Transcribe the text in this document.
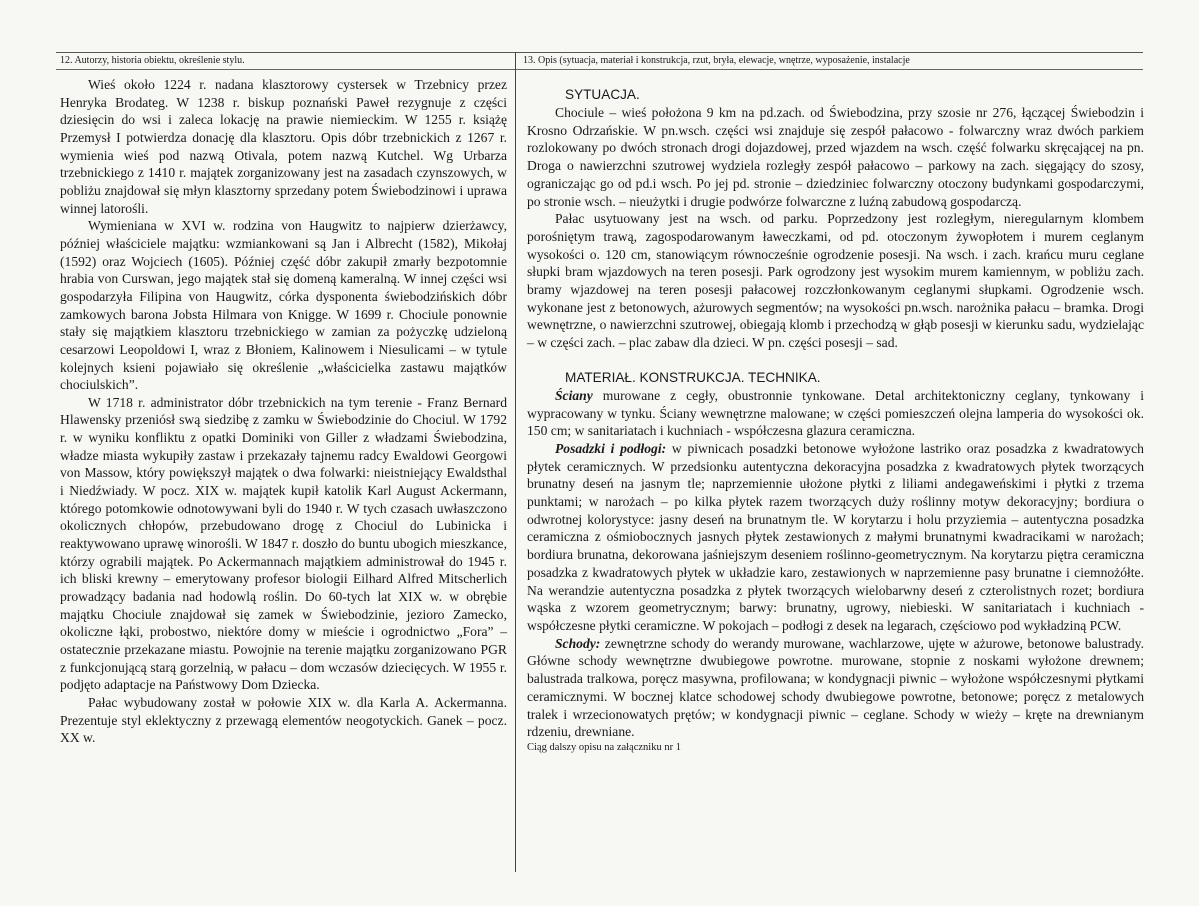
12. Autorzy, historia obiektu, określenie stylu.	13. Opis (sytuacja, materiał i konstrukcja, rzut, bryła, elewacje, wnętrze, wyposażenie, instalacje

Wieś około 1224 r. nadana klasztorowy cystersek w Trzebnicy przez Henryka Brodateg. W 1238 r. biskup poznański Paweł rezygnuje z części dziesięcin do wsi i zaleca lokację na prawie niemieckim. W 1255 r. książę Przemysł I potwierdza donację dla klasztoru. Opis dóbr trzebnickich z 1267 r. wymienia wieś pod nazwą Otivala, potem nazwą Kutchel. Wg Urbarza trzebnickiego z 1410 r. majątek zorganizowany jest na zasadach czynszowych, w pobliżu znajdował się młyn klasztorny sprzedany potem Świebodzinowi i uprawa winnej latorośli.

Wymieniana w XVI w. rodzina von Haugwitz to najpierw dzierżawcy, później właściciele majątku: wzmiankowani są Jan i Albrecht (1582), Mikołaj (1592) oraz Wojciech (1605). Później część dóbr zakupił zmarły bezpotomnie hrabia von Curswan, jego majątek stał się domeną kameralną. W innej części wsi gospodarzyła Filipina von Haugwitz, córka dysponenta świebodzińskich dóbr zamkowych barona Jobsta Hilmara von Knigge. W 1699 r. Chociule ponownie stały się majątkiem klasztoru trzebnickiego w zamian za pożyczkę udzieloną cesarzowi Leopoldowi I, wraz z Błoniem, Kalinowem i Niesulicami – w tytule kolejnych ksieni pojawiało się określenie „właścicielka zastawu majątków chociulskich”.

W 1718 r. administrator dóbr trzebnickich na tym terenie - Franz Bernard Hlawensky przeniósł swą siedzibę z zamku w Świebodzinie do Chociul. W 1792 r. w wyniku konfliktu z opatki Dominiki von Giller z władzami Świebodzina, władze miasta wykupiły zastaw i przekazały tajnemu radcy Ewaldowi Georgowi von Massow, który powiększył majątek o dwa folwarki: nieistniejący Ewaldsthal i Niedźwiady. W pocz. XIX w. majątek kupił katolik Karl August Ackermann, którego potomkowie odnotowywani byli do 1940 r. W tych czasach uwłaszczono okolicznych chłopów, przebudowano drogę z Chociul do Lubinicka i reaktywowano uprawę winorośli. W 1847 r. doszło do buntu ubogich mieszkance, którzy ograbili majątek. Po Ackermannach majątkiem administrował do 1945 r. ich bliski krewny – emerytowany profesor biologii Eilhard Alfred Mitscherlich prowadzący badania nad hodowlą roślin. Do 60-tych lat XIX w. w obrębie majątku Chociule znajdował się zamek w Świebodzinie, jezioro Zamecko, okoliczne łąki, probostwo, niektóre domy w mieście i ogrodnictwo „Fora” – ostatecznie przekazane miastu. Powojnie na terenie majątku zorganizowano PGR z funkcjonującą starą gorzelnią, w pałacu – dom wczasów dziecięcych. W 1955 r. podjęto adaptacje na Państwowy Dom Dziecka.

Pałac wybudowany został w połowie XIX w. dla Karla A. Ackermanna. Prezentuje styl eklektyczny z przewagą elementów neogotyckich. Ganek – pocz. XX w.

SYTUACJA.

Chociule – wieś położona 9 km na pd.zach. od Świebodzina, przy szosie nr 276, łączącej Świebodzin i Krosno Odrzańskie. W pn.wsch. części wsi znajduje się zespół pałacowo - folwarczny wraz dwóch parkiem rozlokowany po dwóch stronach drogi dojazdowej, przed wjazdem na wsch. część folwarku skręcającej na pn. Droga o nawierzchni szutrowej wydziela rozległy zespół pałacowo – parkowy na zach. sięgający do szosy, ograniczając go od pd.i wsch. Po jej pd. stronie – dziedziniec folwarczny otoczony budynkami gospodarczymi, po stronie wsch. – nieużytki i drugie podwórze folwarczne z luźną zabudową gospodarczą.

Pałac usytuowany jest na wsch. od parku. Poprzedzony jest rozległym, nieregularnym klombem porośniętym trawą, zagospodarowanym ławeczkami, od pd. otoczonym żywopłotem i murem ceglanym wysokości o. 120 cm, stanowiącym równocześnie ogrodzenie posesji. Na wsch. i zach. krańcu muru ceglane słupki bram wjazdowych na teren posesji. Park ogrodzony jest wysokim murem kamiennym, w pobliżu zach. bramy wjazdowej na teren posesji pałacowej rozczłonkowanym ceglanymi słupkami. Ogrodzenie wsch. wykonane jest z betonowych, ażurowych segmentów; na wysokości pn.wsch. narożnika pałacu – bramka. Drogi wewnętrzne, o nawierzchni szutrowej, obiegają klomb i przechodzą w głąb posesji w kierunku sadu, wydzielając – w części zach. – plac zabaw dla dzieci. W pn. części posesji – sad.

MATERIAŁ. KONSTRUKCJA. TECHNIKA.

Ściany murowane z cegły, obustronnie tynkowane. Detal architektoniczny ceglany, tynkowany i wypracowany w tynku. Ściany wewnętrzne malowane; w części pomieszczeń olejna lamperia do wysokości ok. 150 cm; w sanitariatach i kuchniach - współczesna glazura ceramiczna.

Posadzki i podłogi: w piwnicach posadzki betonowe wyłożone lastriko oraz posadzka z kwadratowych płytek ceramicznych. W przedsionku autentyczna dekoracyjna posadzka z kwadratowych płytek tworzących brunatny deseń na jasnym tle; naprzemiennie ułożone płytki z liliami andegaweńskimi i płytki z trzema punktami; w narożach – po kilka płytek razem tworzących duży roślinny motyw dekoracyjny; bordiura o odwrotnej kolorystyce: jasny deseń na brunatnym tle. W korytarzu i holu przyziemia – autentyczna posadzka ceramiczna z ośmiobocznych jasnych płytek zestawionych z małymi brunatnymi kwadracikami w narożach; bordiura brunatna, dekorowana jaśniejszym deseniem roślinno-geometrycznym. Na korytarzu piętra ceramiczna posadzka z kwadratowych płytek w układzie karo, zestawionych w naprzemienne pasy brunatne i ciemnożółte. Na werandzie autentyczna posadzka z płytek tworzących wielobarwny deseń z czterolistnych rozet; bordiura wąska z wzorem geometrycznym; barwy: brunatny, ugrowy, niebieski. W sanitariatach i kuchniach - współczesne płytki ceramiczne. W pokojach – podłogi z desek na legarach, częściowo pod wykładziną PCW.

Schody: zewnętrzne schody do werandy murowane, wachlarzowe, ujęte w ażurowe, betonowe balustrady. Główne schody wewnętrzne dwubiegowe powrotne. murowane, stopnie z noskami wyłożone drewnem; balustrada tralkowa, poręcz masywna, profilowana; w kondygnacji piwnic – wyłożone współczesnymi płytkami ceramicznymi. W bocznej klatce schodowej schody dwubiegowe powrotne, betonowe; poręcz z metalowych tralek i wrzecionowatych prętów; w kondygnacji piwnic – ceglane. Schody w wieży – kręte na drewnianym rdzeniu, drewniane.

Ciąg dalszy opisu na załączniku nr 1
